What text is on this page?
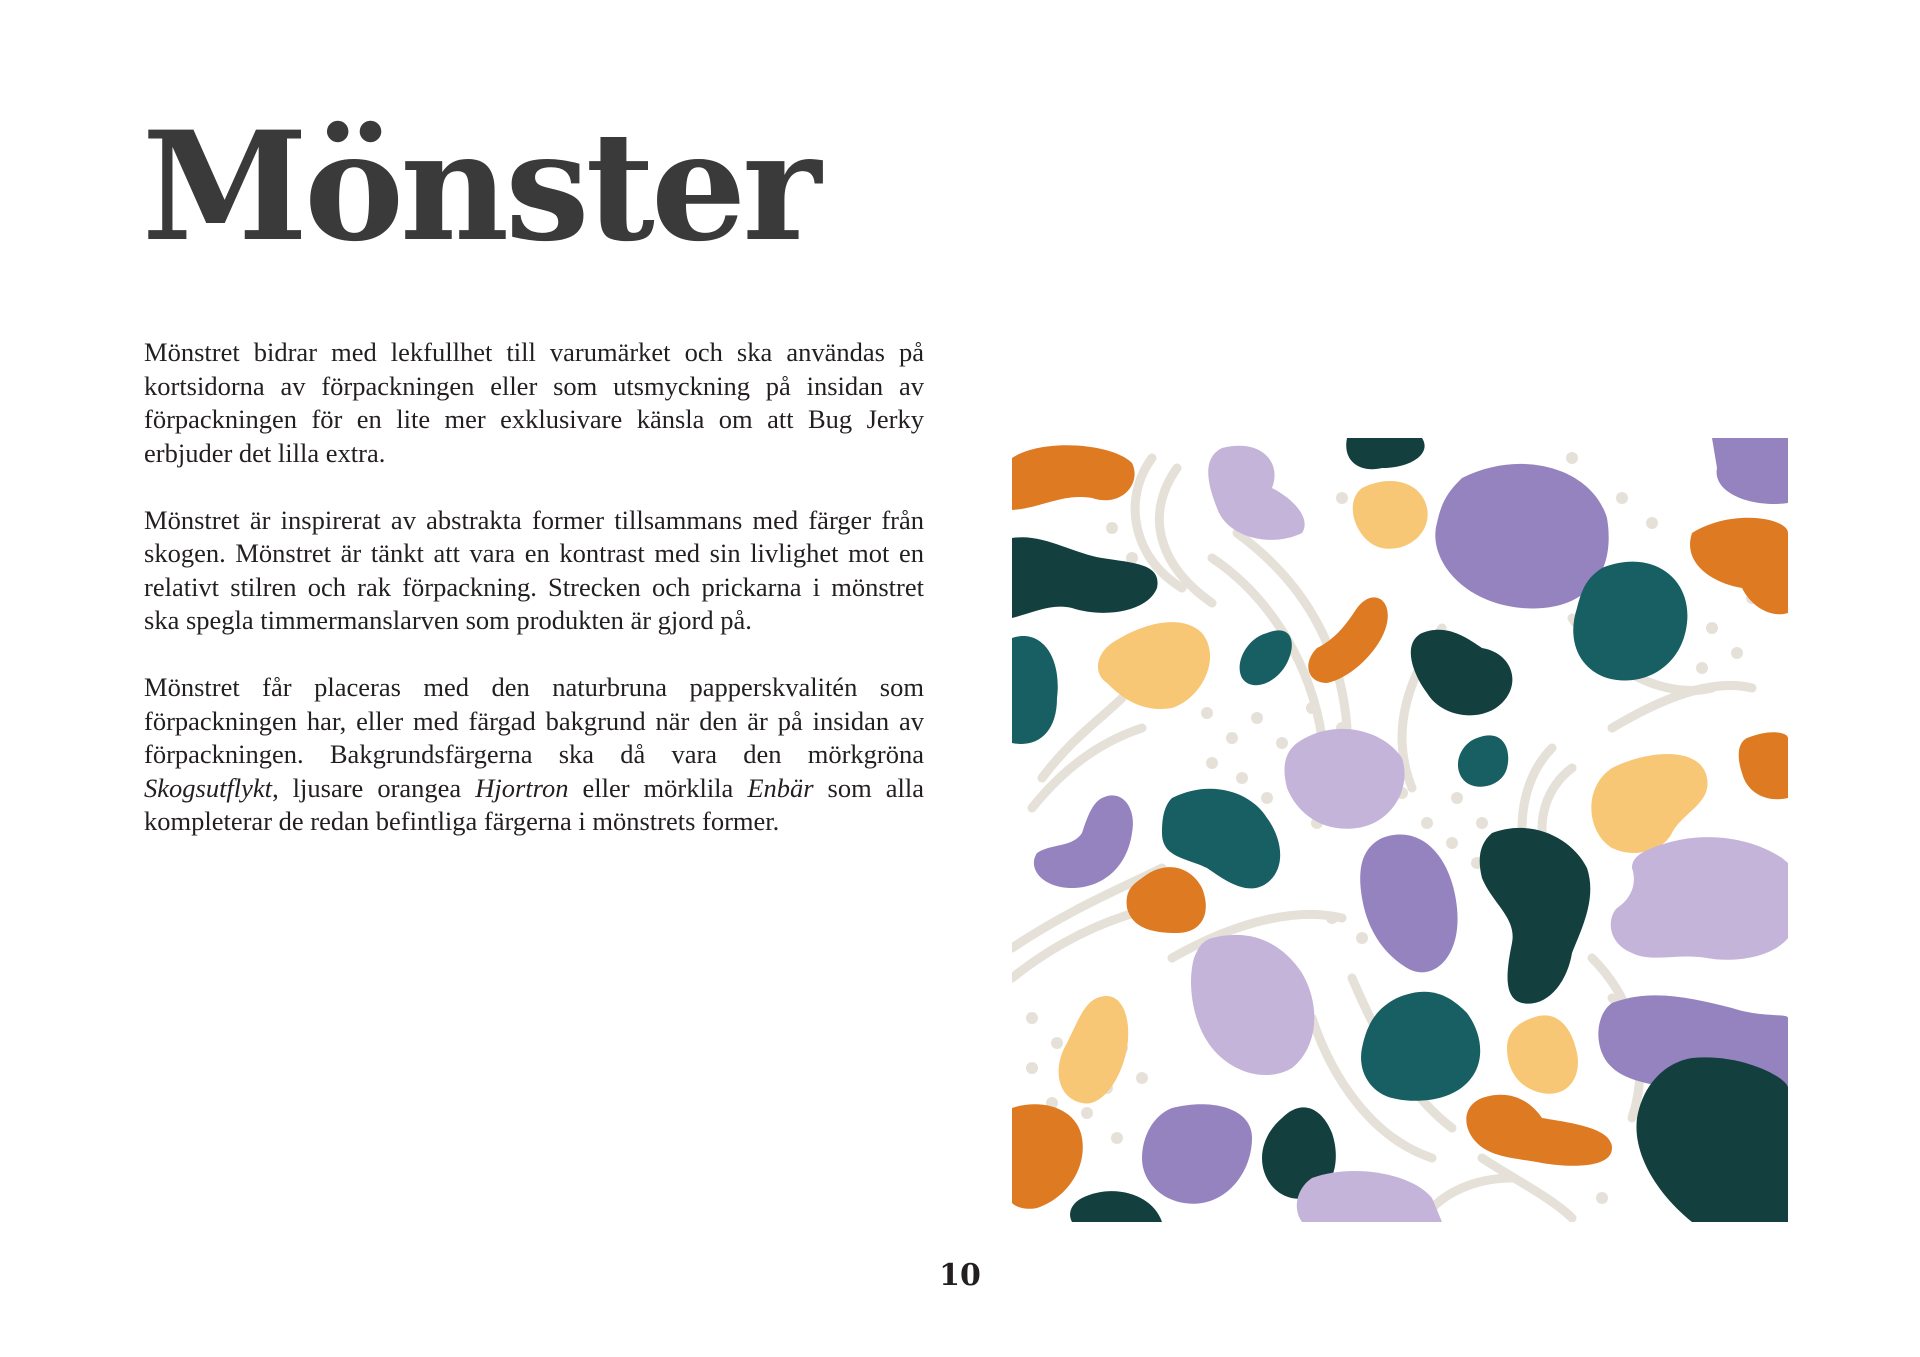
Mönster

Mönstret bidrar med lekfullhet till varumärket och ska användas på kortsidorna av förpackningen eller som utsmyckning på insidan av förpackningen för en lite mer exklusivare känsla om att Bug Jerky erbjuder det lilla extra.

Mönstret är inspirerat av abstrakta former tillsammans med färger från skogen. Mönstret är tänkt att vara en kontrast med sin livlighet mot en relativt stilren och rak förpackning. Strecken och prickarna i mönstret ska spegla timmermanslarven som produkten är gjord på.

Mönstret får placeras med den naturbruna papperskvalitén som förpackningen har, eller med färgad bakgrund när den är på insidan av förpackningen. Bakgrundsfärgerna ska då vara den mörkgröna Skogsutflykt, ljusare orangea Hjortron eller mörklila Enbär som alla kompleterar de redan befintliga färgerna i mönstrets former.

10
